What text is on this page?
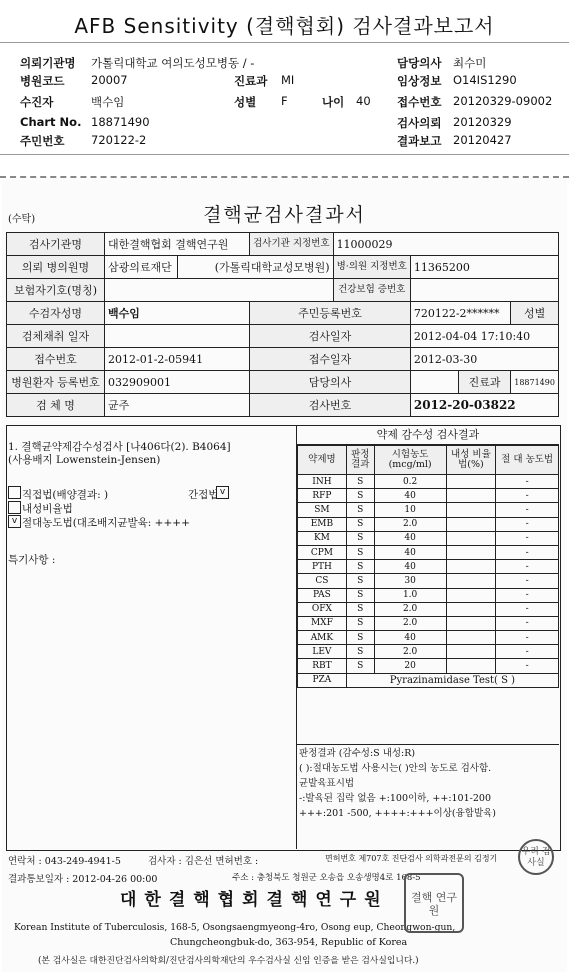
AFB Sensitivity (결핵협회) 검사결과보고서
의뢰기관명 가톨릭대학교 여의도성모병동 / -
병원코드 20007
수진자	백수임
Chart No. 18871490
주민번호 720122-2
진료과 MI
성별 F	나이 40
담당의사 최수미
임상정보 O14IS1290
접수번호 20120329-09002
검사의뢰 20120329
결과보고 20120427
(수탁)	결핵균검사결과서
검사기관명	대한결핵협회 결핵연구원		검사기관 지정번호	11000029			
의뢰 병의원명	삼광의료재단	(가톨릭대학교성모병원)		병·의원 지정번호	11365200		
보험자기호(명칭)				건강보험 증번호			
수검자성명	백수임		주민등록번호		720122-2******		성별
검체채취 일자			검사일자		2012-04-04 17:10:40		
접수번호	2012-01-2-05941		접수일자		2012-03-30		
병원환자 등록번호	032909001		담당의사			진료과	18871490
검 체 명	균주		검사번호		2012-20-03822		
약제 감수성 검사결과
1. 결핵균약제감수성검사 [나406다(2). B4064]
(사용배지 Lowenstein-Jensen)
직접법(배양결과: )	간접법 v
내성비율법
v 절대농도법(대조배지균발육: ++++
특기사항 :
약제명	판정 결과	시험농도 (mcg/ml)	내성 비율법(%)	절 대 농도법
INH	S	0.2		-
RFP	S	40		-
SM	S	10		-
EMB	S	2.0		-
KM	S	40		-
CPM	S	40		-
PTH	S	40		-
CS	S	30		-
PAS	S	1.0		-
OFX	S	2.0		-
MXF	S	2.0		-
AMK	S	40		-
LEV	S	2.0		-
RBT	S	20		-
PZA	Pyrazinamidase Test( S )			
판정결과 (감수성:S 내성:R)
( ):절대농도법 사용시는( )안의 농도로 검사함.
균발육표시법
-:발육된 집락 없음 +:100이하, ++:101-200
+++:201 -500, ++++:+++이상(융합발육)
연락처 : 043-249-4941-5	검사자 : 김은선 면허번호 :	면허번호 제707호 진단검사 의학과전문의 김정기
결과통보일자 : 2012-04-26 00:00	주소 : 충청북도 청원군 오송읍 오송생명4로 168-5
대한결핵협회결핵연구원
Korean Institute of Tuberculosis, 168-5, Osongsaengmyeong-4ro, Osong eup, Cheongwon-gun,
Chungcheongbuk-do, 363-954, Republic of Korea
(본 검사실은 대한진단검사의학회/진단검사의학재단의 우수검사실 신임 인증을 받은 검사실입니다.)
우리 검사실
결핵 연구원
